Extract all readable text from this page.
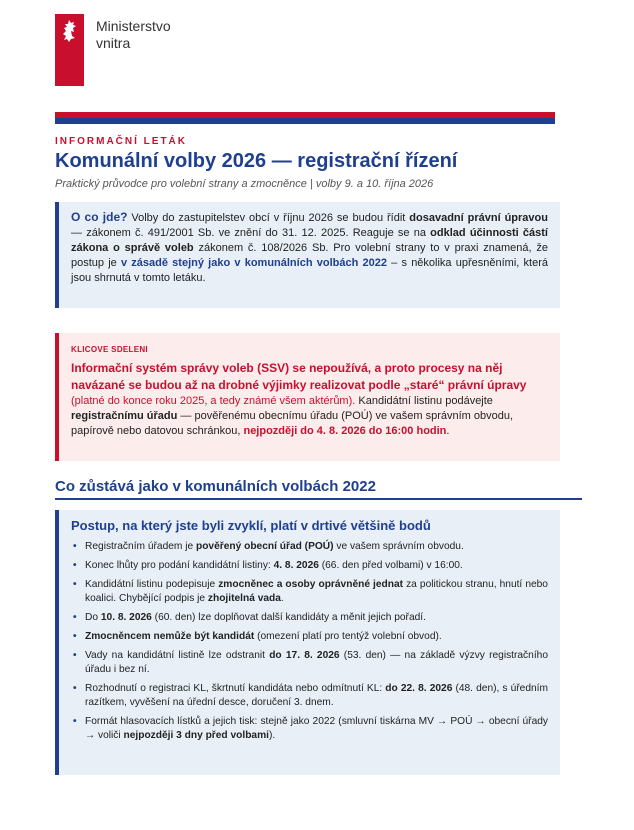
Ministerstvo
vnitra
INFORMAČNÍ LETÁK
Komunální volby 2026 — registrační řízení
Praktický průvodce pro volební strany a zmocněnce | volby 9. a 10. října 2026
O co jde? Volby do zastupitelstev obcí v říjnu 2026 se budou řídit dosavadní právní úpravou — zákonem č. 491/2001 Sb. ve znění do 31. 12. 2025. Reaguje se na odklad účinnosti částí zákona o správě voleb zákonem č. 108/2026 Sb. Pro volební strany to v praxi znamená, že postup je v zásadě stejný jako v komunálních volbách 2022 – s několika upřesněními, která jsou shrnutá v tomto letáku.
KLICOVE SDELENI
Informační systém správy voleb (SSV) se nepoužívá, a proto procesy na něj navázané se budou až na drobné výjimky realizovat podle „staré“ právní úpravy (platné do konce roku 2025, a tedy známé všem aktérům). Kandidátní listinu podávejte registračnímu úřadu — pověřenému obecnímu úřadu (POÚ) ve vašem správním obvodu, papírově nebo datovou schránkou, nejpozději do 4. 8. 2026 do 16:00 hodin.
Co zůstává jako v komunálních volbách 2022
Postup, na který jste byli zvyklí, platí v drtivé většině bodů
• Registračním úřadem je pověřený obecní úřad (POÚ) ve vašem správním obvodu.
• Konec lhůty pro podání kandidátní listiny: 4. 8. 2026 (66. den před volbami) v 16:00.
• Kandidátní listinu podepisuje zmocněnec a osoby oprávněné jednat za politickou stranu, hnutí nebo koalici. Chybějící podpis je zhojitelná vada.
• Do 10. 8. 2026 (60. den) lze doplňovat další kandidáty a měnit jejich pořadí.
• Zmocněncem nemůže být kandidát (omezení platí pro tentýž volební obvod).
• Vady na kandidátní listině lze odstranit do 17. 8. 2026 (53. den) — na základě výzvy registračního úřadu i bez ní.
• Rozhodnutí o registraci KL, škrtnutí kandidáta nebo odmítnutí KL: do 22. 8. 2026 (48. den), s úředním razítkem, vyvěšení na úřední desce, doručení 3. dnem.
• Formát hlasovacích lístků a jejich tisk: stejně jako 2022 (smluvní tiskárna MV → POÚ → obecní úřady → voliči nejpozději 3 dny před volbami).
